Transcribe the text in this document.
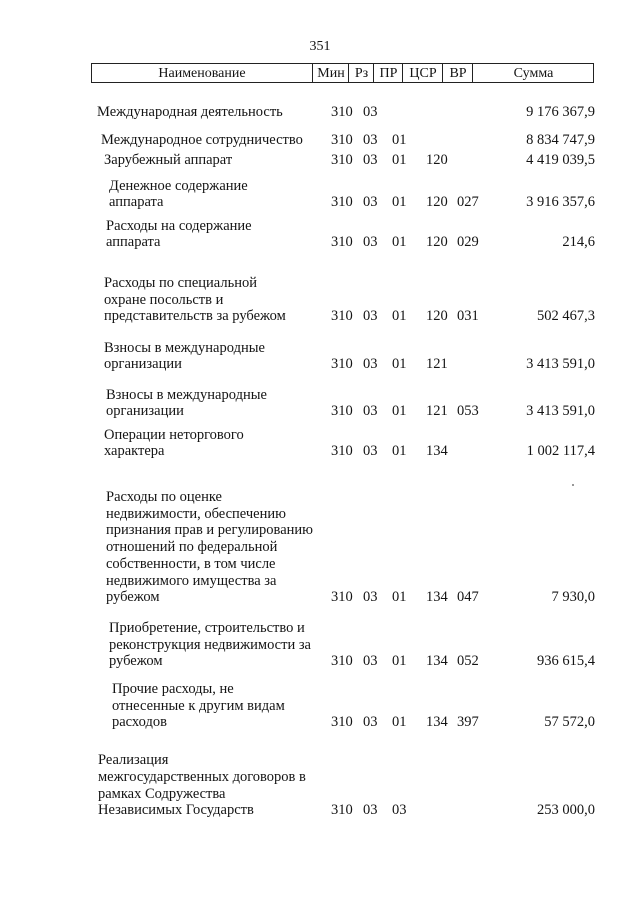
351
Наименование	Мин Рз ПР ЦСР ВР	Сумма
Международная деятельность	310 03	9 176 367,9
Международное сотрудничество	310 03 01	8 834 747,9
Зарубежный аппарат	310 03 01 120	4 419 039,5
Денежное содержание
аппарата	310 03 01 120 027	3 916 357,6
Расходы на содержание
аппарата	310 03 01 120 029	214,6
Расходы по специальной
охране посольств и
представительств за рубежом	310 03 01 120 031	502 467,3
Взносы в международные
организации	310 03 01 121	3 413 591,0
Взносы в международные
организации	310 03 01 121 053	3 413 591,0
Операции неторгового
характера	310 03 01 134	1 002 117,4
Расходы по оценке
недвижимости, обеспечению
признания прав и регулированию
отношений по федеральной
собственности, в том числе
недвижимого имущества за
рубежом	310 03 01 134 047	7 930,0
Приобретение, строительство и
реконструкция недвижимости за
рубежом	310 03 01 134 052	936 615,4
Прочие расходы, не
отнесенные к другим видам
расходов	310 03 01 134 397	57 572,0
Реализация
межгосударственных договоров в
рамках Содружества
Независимых Государств	310 03 03	253 000,0
